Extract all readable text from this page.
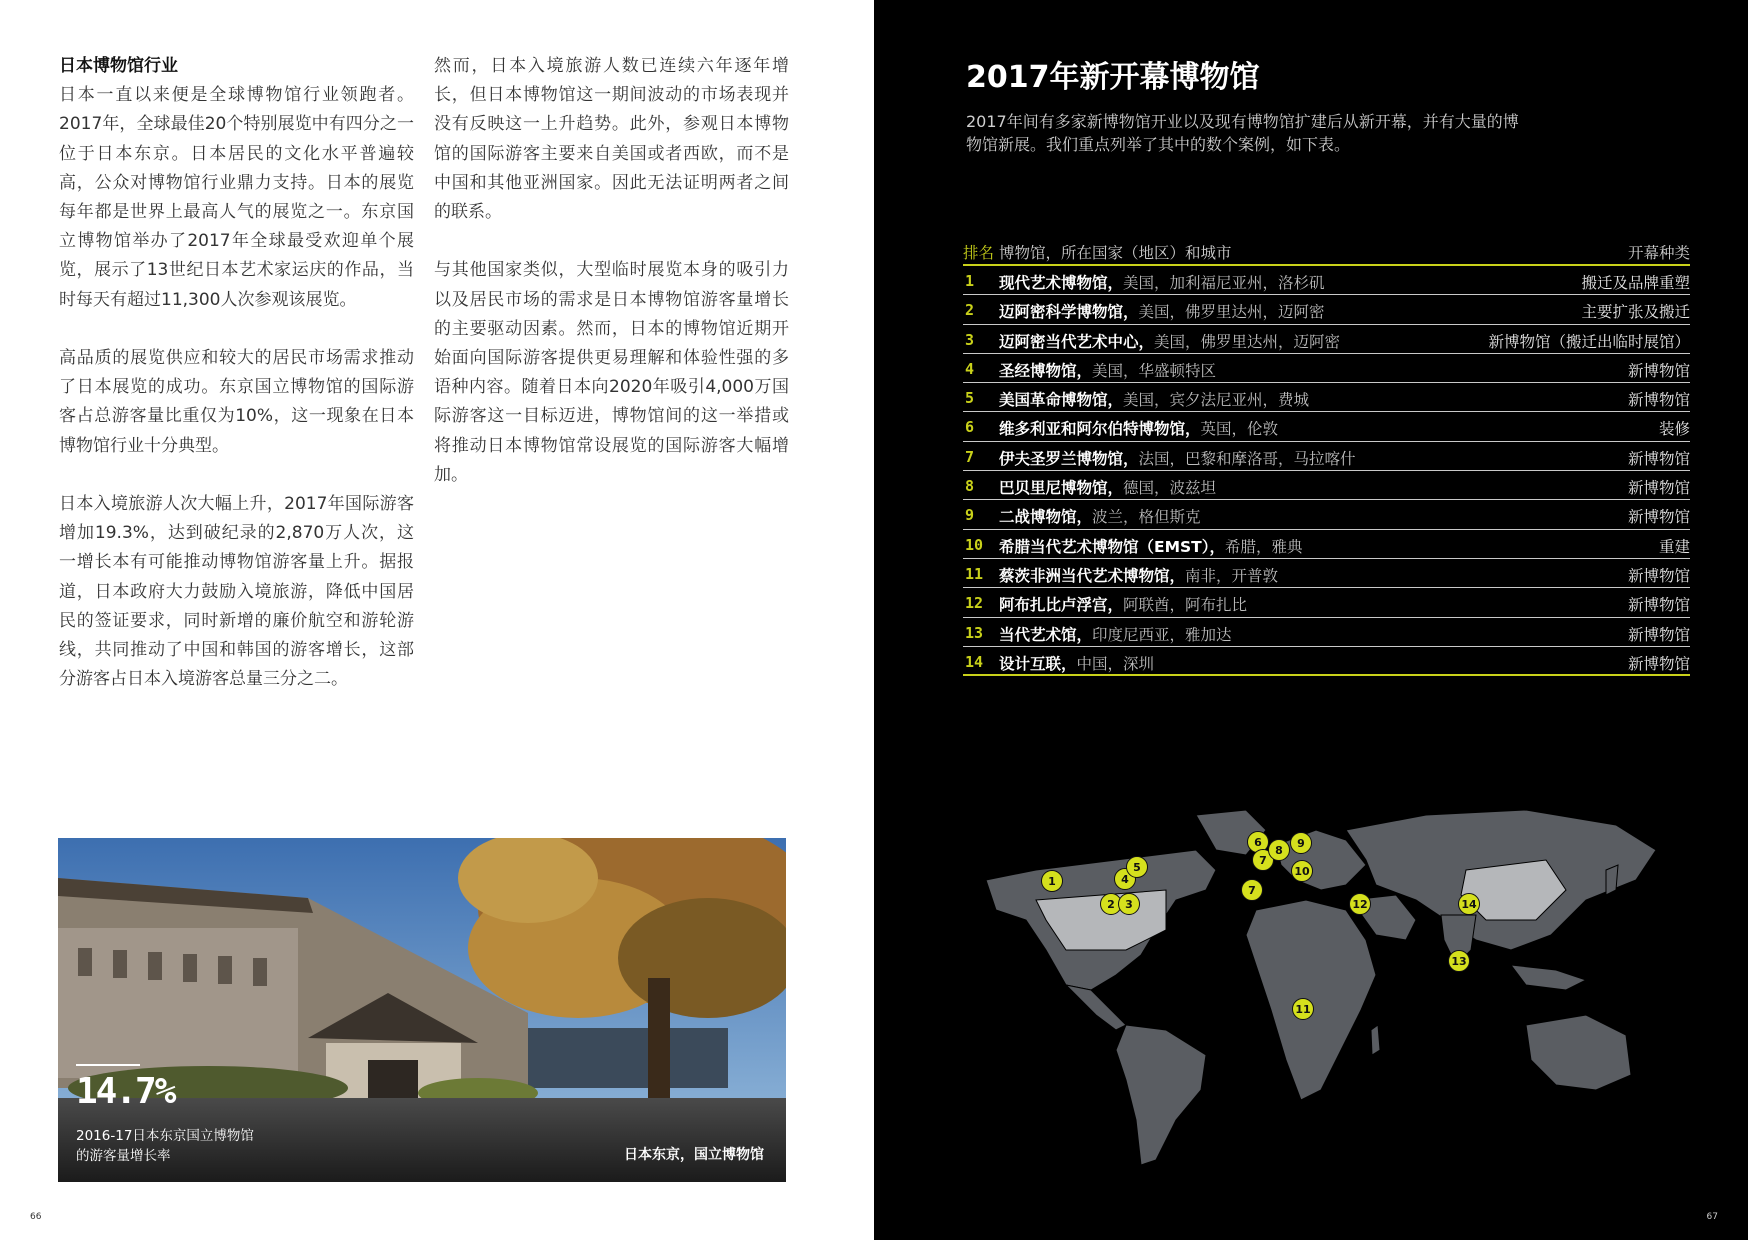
日本博物馆行业

日本一直以来便是全球博物馆行业领跑者。2017年，全球最佳20个特别展览中有四分之一位于日本东京。日本居民的文化水平普遍较高，公众对博物馆行业鼎力支持。日本的展览每年都是世界上最高人气的展览之一。东京国立博物馆举办了2017年全球最受欢迎单个展览，展示了13世纪日本艺术家运庆的作品，当时每天有超过11,300人次参观该展览。

高品质的展览供应和较大的居民市场需求推动了日本展览的成功。东京国立博物馆的国际游客占总游客量比重仅为10%，这一现象在日本博物馆行业十分典型。

日本入境旅游人次大幅上升，2017年国际游客增加19.3%，达到破纪录的2,870万人次，这一增长本有可能推动博物馆游客量上升。据报道，日本政府大力鼓励入境旅游，降低中国居民的签证要求，同时新增的廉价航空和游轮游线，共同推动了中国和韩国的游客增长，这部分游客占日本入境游客总量三分之二。

然而，日本入境旅游人数已连续六年逐年增长，但日本博物馆这一期间波动的市场表现并没有反映这一上升趋势。此外，参观日本博物馆的国际游客主要来自美国或者西欧，而不是中国和其他亚洲国家。因此无法证明两者之间的联系。

与其他国家类似，大型临时展览本身的吸引力以及居民市场的需求是日本博物馆游客量增长的主要驱动因素。然而，日本的博物馆近期开始面向国际游客提供更易理解和体验性强的多语种内容。随着日本向2020年吸引4,000万国际游客这一目标迈进，博物馆间的这一举措或将推动日本博物馆常设展览的国际游客大幅增加。

14.7%
2016-17日本东京国立博物馆的游客量增长率	日本东京，国立博物馆
66
2017年新开幕博物馆
2017年间有多家新博物馆开业以及现有博物馆扩建后从新开幕，并有大量的博物馆新展。我们重点列举了其中的数个案例，如下表。
排名 博物馆，所在国家（地区）和城市	开幕种类
1 现代艺术博物馆，美国，加利福尼亚州，洛杉矶	搬迁及品牌重塑
2 迈阿密科学博物馆，美国，佛罗里达州，迈阿密	主要扩张及搬迁
3 迈阿密当代艺术中心，美国，佛罗里达州，迈阿密	新博物馆（搬迁出临时展馆）
4 圣经博物馆，美国，华盛顿特区	新博物馆
5 美国革命博物馆，美国，宾夕法尼亚州，费城	新博物馆
6 维多利亚和阿尔伯特博物馆，英国，伦敦	装修
7 伊夫圣罗兰博物馆，法国，巴黎和摩洛哥，马拉喀什	新博物馆
8 巴贝里尼博物馆，德国，波兹坦	新博物馆
9 二战博物馆，波兰，格但斯克	新博物馆
10 希腊当代艺术博物馆（EMST），希腊，雅典	重建
11 蔡茨非洲当代艺术博物馆，南非，开普敦	新博物馆
12 阿布扎比卢浮宫，阿联酋，阿布扎比	新博物馆
13 当代艺术馆，印度尼西亚，雅加达	新博物馆
14 设计互联，中国，深圳	新博物馆
1
2 3
4
5
6
7
7
8
9
10
11
12
13
14
67
